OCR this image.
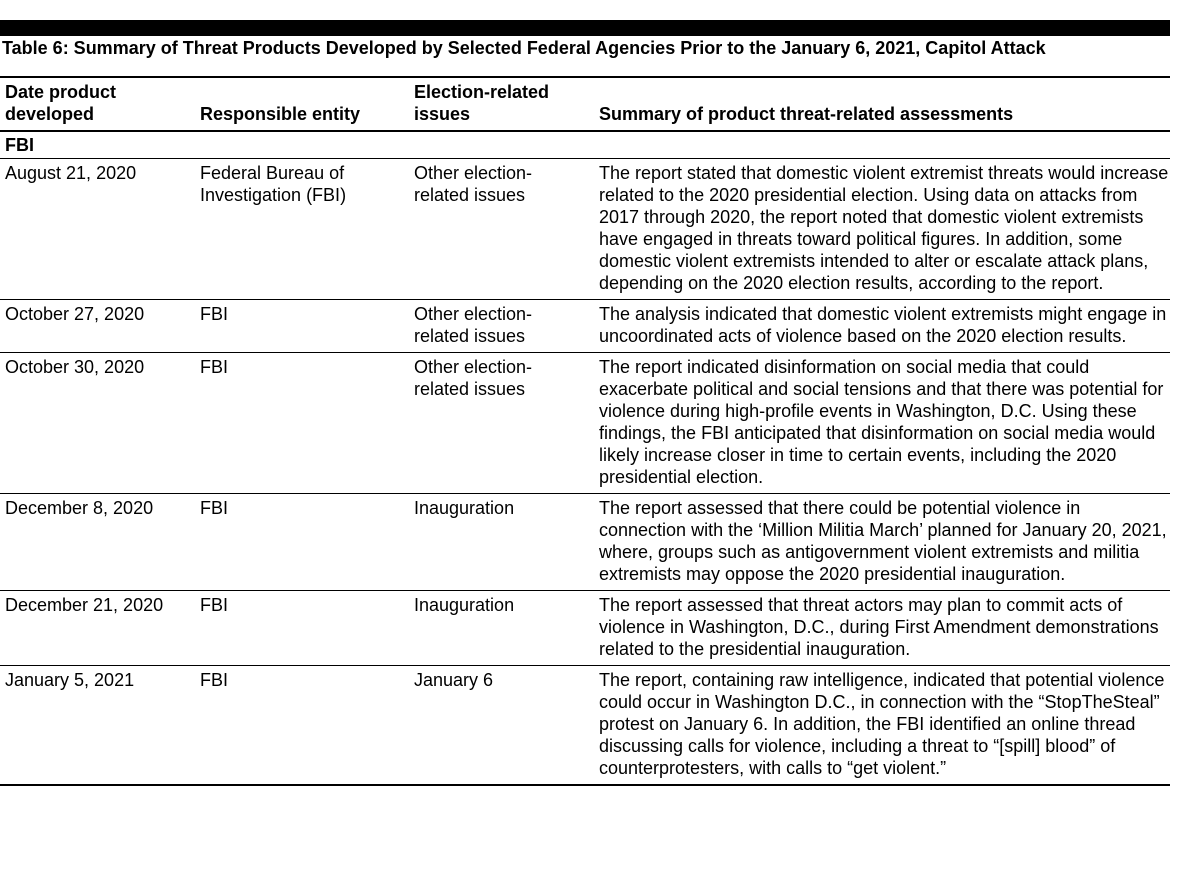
Table 6: Summary of Threat Products Developed by Selected Federal Agencies Prior to the January 6, 2021, Capitol Attack
Date product developed	Responsible entity	Election-related issues	Summary of product threat-related assessments
FBI			
August 21, 2020	Federal Bureau of Investigation (FBI)	Other election-related issues	The report stated that domestic violent extremist threats would increase related to the 2020 presidential election. Using data on attacks from 2017 through 2020, the report noted that domestic violent extremists have engaged in threats toward political figures. In addition, some domestic violent extremists intended to alter or escalate attack plans, depending on the 2020 election results, according to the report.
October 27, 2020	FBI	Other election-related issues	The analysis indicated that domestic violent extremists might engage in uncoordinated acts of violence based on the 2020 election results.
October 30, 2020	FBI	Other election-related issues	The report indicated disinformation on social media that could exacerbate political and social tensions and that there was potential for violence during high-profile events in Washington, D.C. Using these findings, the FBI anticipated that disinformation on social media would likely increase closer in time to certain events, including the 2020 presidential election.
December 8, 2020	FBI	Inauguration	The report assessed that there could be potential violence in connection with the ‘Million Militia March’ planned for January 20, 2021, where, groups such as antigovernment violent extremists and militia extremists may oppose the 2020 presidential inauguration.
December 21, 2020	FBI	Inauguration	The report assessed that threat actors may plan to commit acts of violence in Washington, D.C., during First Amendment demonstrations related to the presidential inauguration.
January 5, 2021	FBI	January 6	The report, containing raw intelligence, indicated that potential violence could occur in Washington D.C., in connection with the “StopTheSteal” protest on January 6. In addition, the FBI identified an online thread discussing calls for violence, including a threat to “[spill] blood” of counterprotesters, with calls to “get violent.”
